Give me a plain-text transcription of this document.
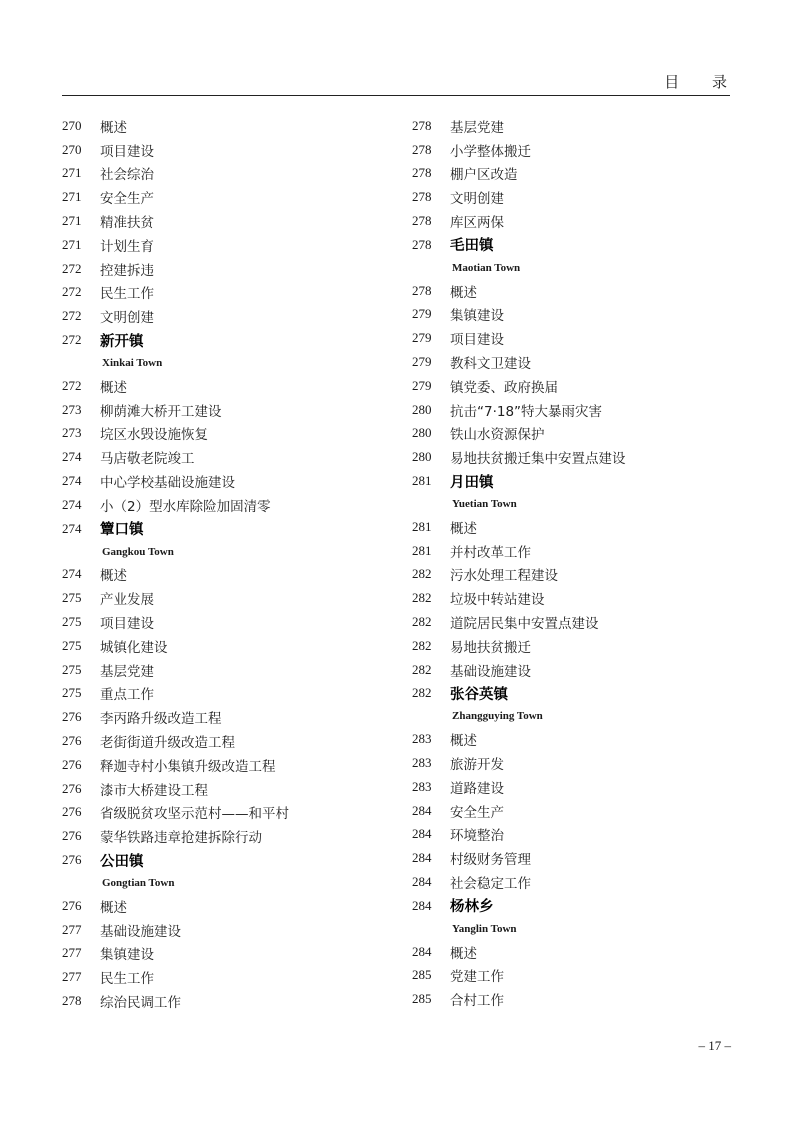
目 录
270	概述
270	项目建设
271	社会综治
271	安全生产
271	精准扶贫
271	计划生育
272	控建拆违
272	民生工作
272	文明创建
272	新开镇
Xinkai Town
272	概述
273	柳荫滩大桥开工建设
273	垸区水毁设施恢复
274	马店敬老院竣工
274	中心学校基础设施建设
274	小（2）型水库除险加固清零
274	簟口镇
Gangkou Town
274	概述
275	产业发展
275	项目建设
275	城镇化建设
275	基层党建
275	重点工作
276	李丙路升级改造工程
276	老街街道升级改造工程
276	释迦寺村小集镇升级改造工程
276	漆市大桥建设工程
276	省级脱贫攻坚示范村——和平村
276	蒙华铁路违章抢建拆除行动
276	公田镇
Gongtian Town
276	概述
277	基础设施建设
277	集镇建设
277	民生工作
278	综治民调工作
278	基层党建
278	小学整体搬迁
278	棚户区改造
278	文明创建
278	库区两保
278	毛田镇
Maotian Town
278	概述
279	集镇建设
279	项目建设
279	教科文卫建设
279	镇党委、政府换届
280	抗击“7·18”特大暴雨灾害
280	铁山水资源保护
280	易地扶贫搬迁集中安置点建设
281	月田镇
Yuetian Town
281	概述
281	并村改革工作
282	污水处理工程建设
282	垃圾中转站建设
282	道院居民集中安置点建设
282	易地扶贫搬迁
282	基础设施建设
282	张谷英镇
Zhangguying Town
283	概述
283	旅游开发
283	道路建设
284	安全生产
284	环境整治
284	村级财务管理
284	社会稳定工作
284	杨林乡
Yanglin Town
284	概述
285	党建工作
285	合村工作
– 17 –
